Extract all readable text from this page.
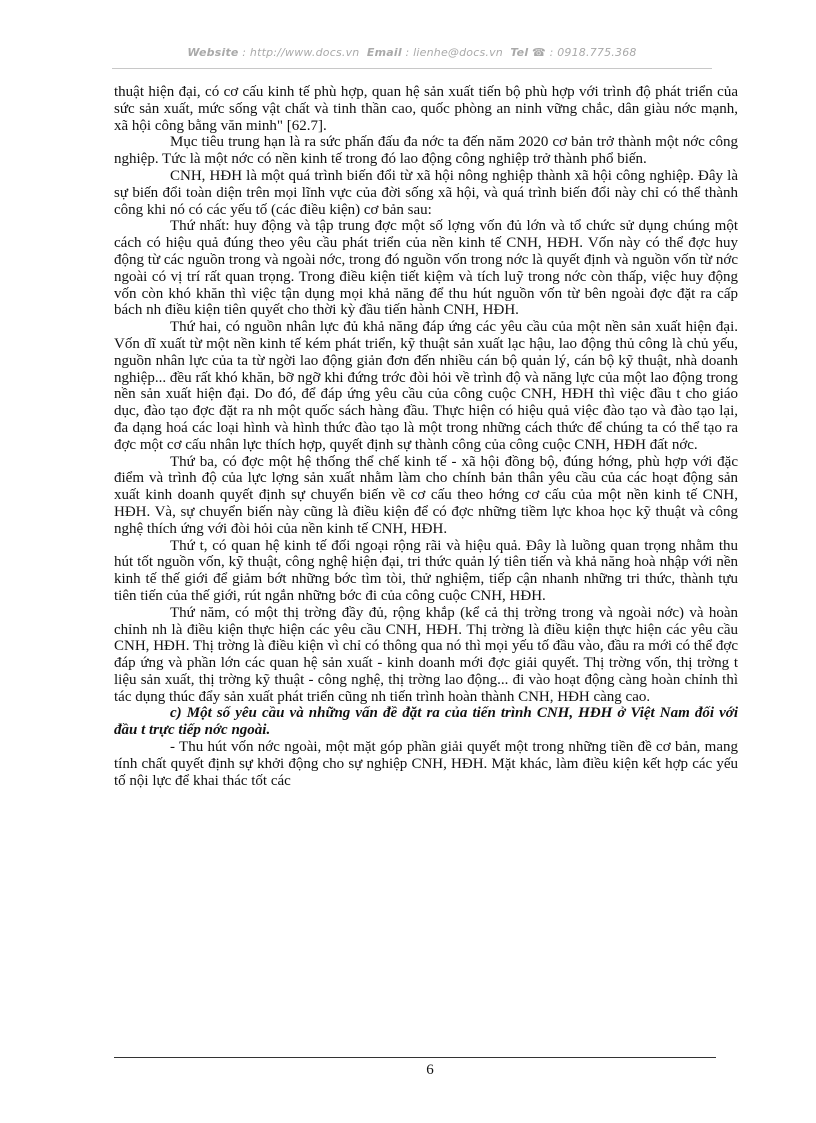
Website : http://www.docs.vn Email : lienhe@docs.vn Tel ☎ : 0918.775.368

thuật hiện đại, có cơ cấu kinh tế phù hợp, quan hệ sản xuất tiến bộ phù hợp với trình độ phát triển của sức sản xuất, mức sống vật chất và tinh thần cao, quốc phòng an ninh vững chắc, dân giàu nớc mạnh, xã hội công bằng văn minh" [62.7].

Mục tiêu trung hạn là ra sức phấn đấu đa nớc ta đến năm 2020 cơ bản trở thành một nớc công nghiệp. Tức là một nớc có nền kinh tế trong đó lao động công nghiệp trở thành phổ biến.

CNH, HĐH là một quá trình biến đổi từ xã hội nông nghiệp thành xã hội công nghiệp. Đây là sự biến đổi toàn diện trên mọi lĩnh vực của đời sống xã hội, và quá trình biến đổi này chỉ có thể thành công khi nó có các yếu tố (các điều kiện) cơ bản sau:

Thứ nhất: huy động và tập trung đợc một số lợng vốn đủ lớn và tổ chức sử dụng chúng một cách có hiệu quả đúng theo yêu cầu phát triển của nền kinh tế CNH, HĐH. Vốn này có thể đợc huy động từ các nguồn trong và ngoài nớc, trong đó nguồn vốn trong nớc là quyết định và nguồn vốn từ nớc ngoài có vị trí rất quan trọng. Trong điều kiện tiết kiệm và tích luỹ trong nớc còn thấp, việc huy động vốn còn khó khăn thì việc tận dụng mọi khả năng để thu hút nguồn vốn từ bên ngoài đợc đặt ra cấp bách nh điều kiện tiên quyết cho thời kỳ đầu tiến hành CNH, HĐH.

Thứ hai, có nguồn nhân lực đủ khả năng đáp ứng các yêu cầu của một nền sản xuất hiện đại. Vốn dĩ xuất từ một nền kinh tế kém phát triển, kỹ thuật sản xuất lạc hậu, lao động thủ công là chủ yếu, nguồn nhân lực của ta từ ngời lao động giản đơn đến nhiều cán bộ quản lý, cán bộ kỹ thuật, nhà doanh nghiệp... đều rất khó khăn, bỡ ngỡ khi đứng trớc đòi hỏi về trình độ và năng lực của một lao động trong nền sản xuất hiện đại. Do đó, để đáp ứng yêu cầu của công cuộc CNH, HĐH thì việc đầu t cho giáo dục, đào tạo đợc đặt ra nh một quốc sách hàng đầu. Thực hiện có hiệu quả việc đào tạo và đào tạo lại, đa dạng hoá các loại hình và hình thức đào tạo là một trong những cách thức để chúng ta có thể tạo ra đợc một cơ cấu nhân lực thích hợp, quyết định sự thành công của công cuộc CNH, HĐH đất nớc.

Thứ ba, có đợc một hệ thống thể chế kinh tế - xã hội đồng bộ, đúng hớng, phù hợp với đặc điểm và trình độ của lực lợng sản xuất nhằm làm cho chính bản thân yêu cầu của các hoạt động sản xuất kinh doanh quyết định sự chuyển biến về cơ cấu theo hớng cơ cấu của một nền kinh tế CNH, HĐH. Và, sự chuyển biến này cũng là điều kiện để có đợc những tiềm lực khoa học kỹ thuật và công nghệ thích ứng với đòi hỏi của nền kinh tế CNH, HĐH.

Thứ t, có quan hệ kinh tế đối ngoại rộng rãi và hiệu quả. Đây là luồng quan trọng nhằm thu hút tốt nguồn vốn, kỹ thuật, công nghệ hiện đại, tri thức quản lý tiên tiến và khả năng hoà nhập với nền kinh tế thế giới để giảm bớt những bớc tìm tòi, thử nghiệm, tiếp cận nhanh những tri thức, thành tựu tiên tiến của thế giới, rút ngắn những bớc đi của công cuộc CNH, HĐH.

Thứ năm, có một thị trờng đầy đủ, rộng khắp (kể cả thị trờng trong và ngoài nớc) và hoàn chỉnh nh là điều kiện thực hiện các yêu cầu CNH, HĐH. Thị trờng là điều kiện thực hiện các yêu cầu CNH, HĐH. Thị trờng là điều kiện vì chỉ có thông qua nó thì mọi yếu tố đầu vào, đầu ra mới có thể đợc đáp ứng và phần lớn các quan hệ sản xuất - kinh doanh mới đợc giải quyết. Thị trờng vốn, thị trờng t liệu sản xuất, thị trờng kỹ thuật - công nghệ, thị trờng lao động... đi vào hoạt động càng hoàn chỉnh thì tác dụng thúc đẩy sản xuất phát triển cũng nh tiến trình hoàn thành CNH, HĐH càng cao.

c) Một số yêu cầu và những vấn đề đặt ra của tiến trình CNH, HĐH ở Việt Nam đối với đầu t trực tiếp nớc ngoài.

- Thu hút vốn nớc ngoài, một mặt góp phần giải quyết một trong những tiền đề cơ bản, mang tính chất quyết định sự khởi động cho sự nghiệp CNH, HĐH. Mặt khác, làm điều kiện kết hợp các yếu tố nội lực để khai thác tốt các

6
